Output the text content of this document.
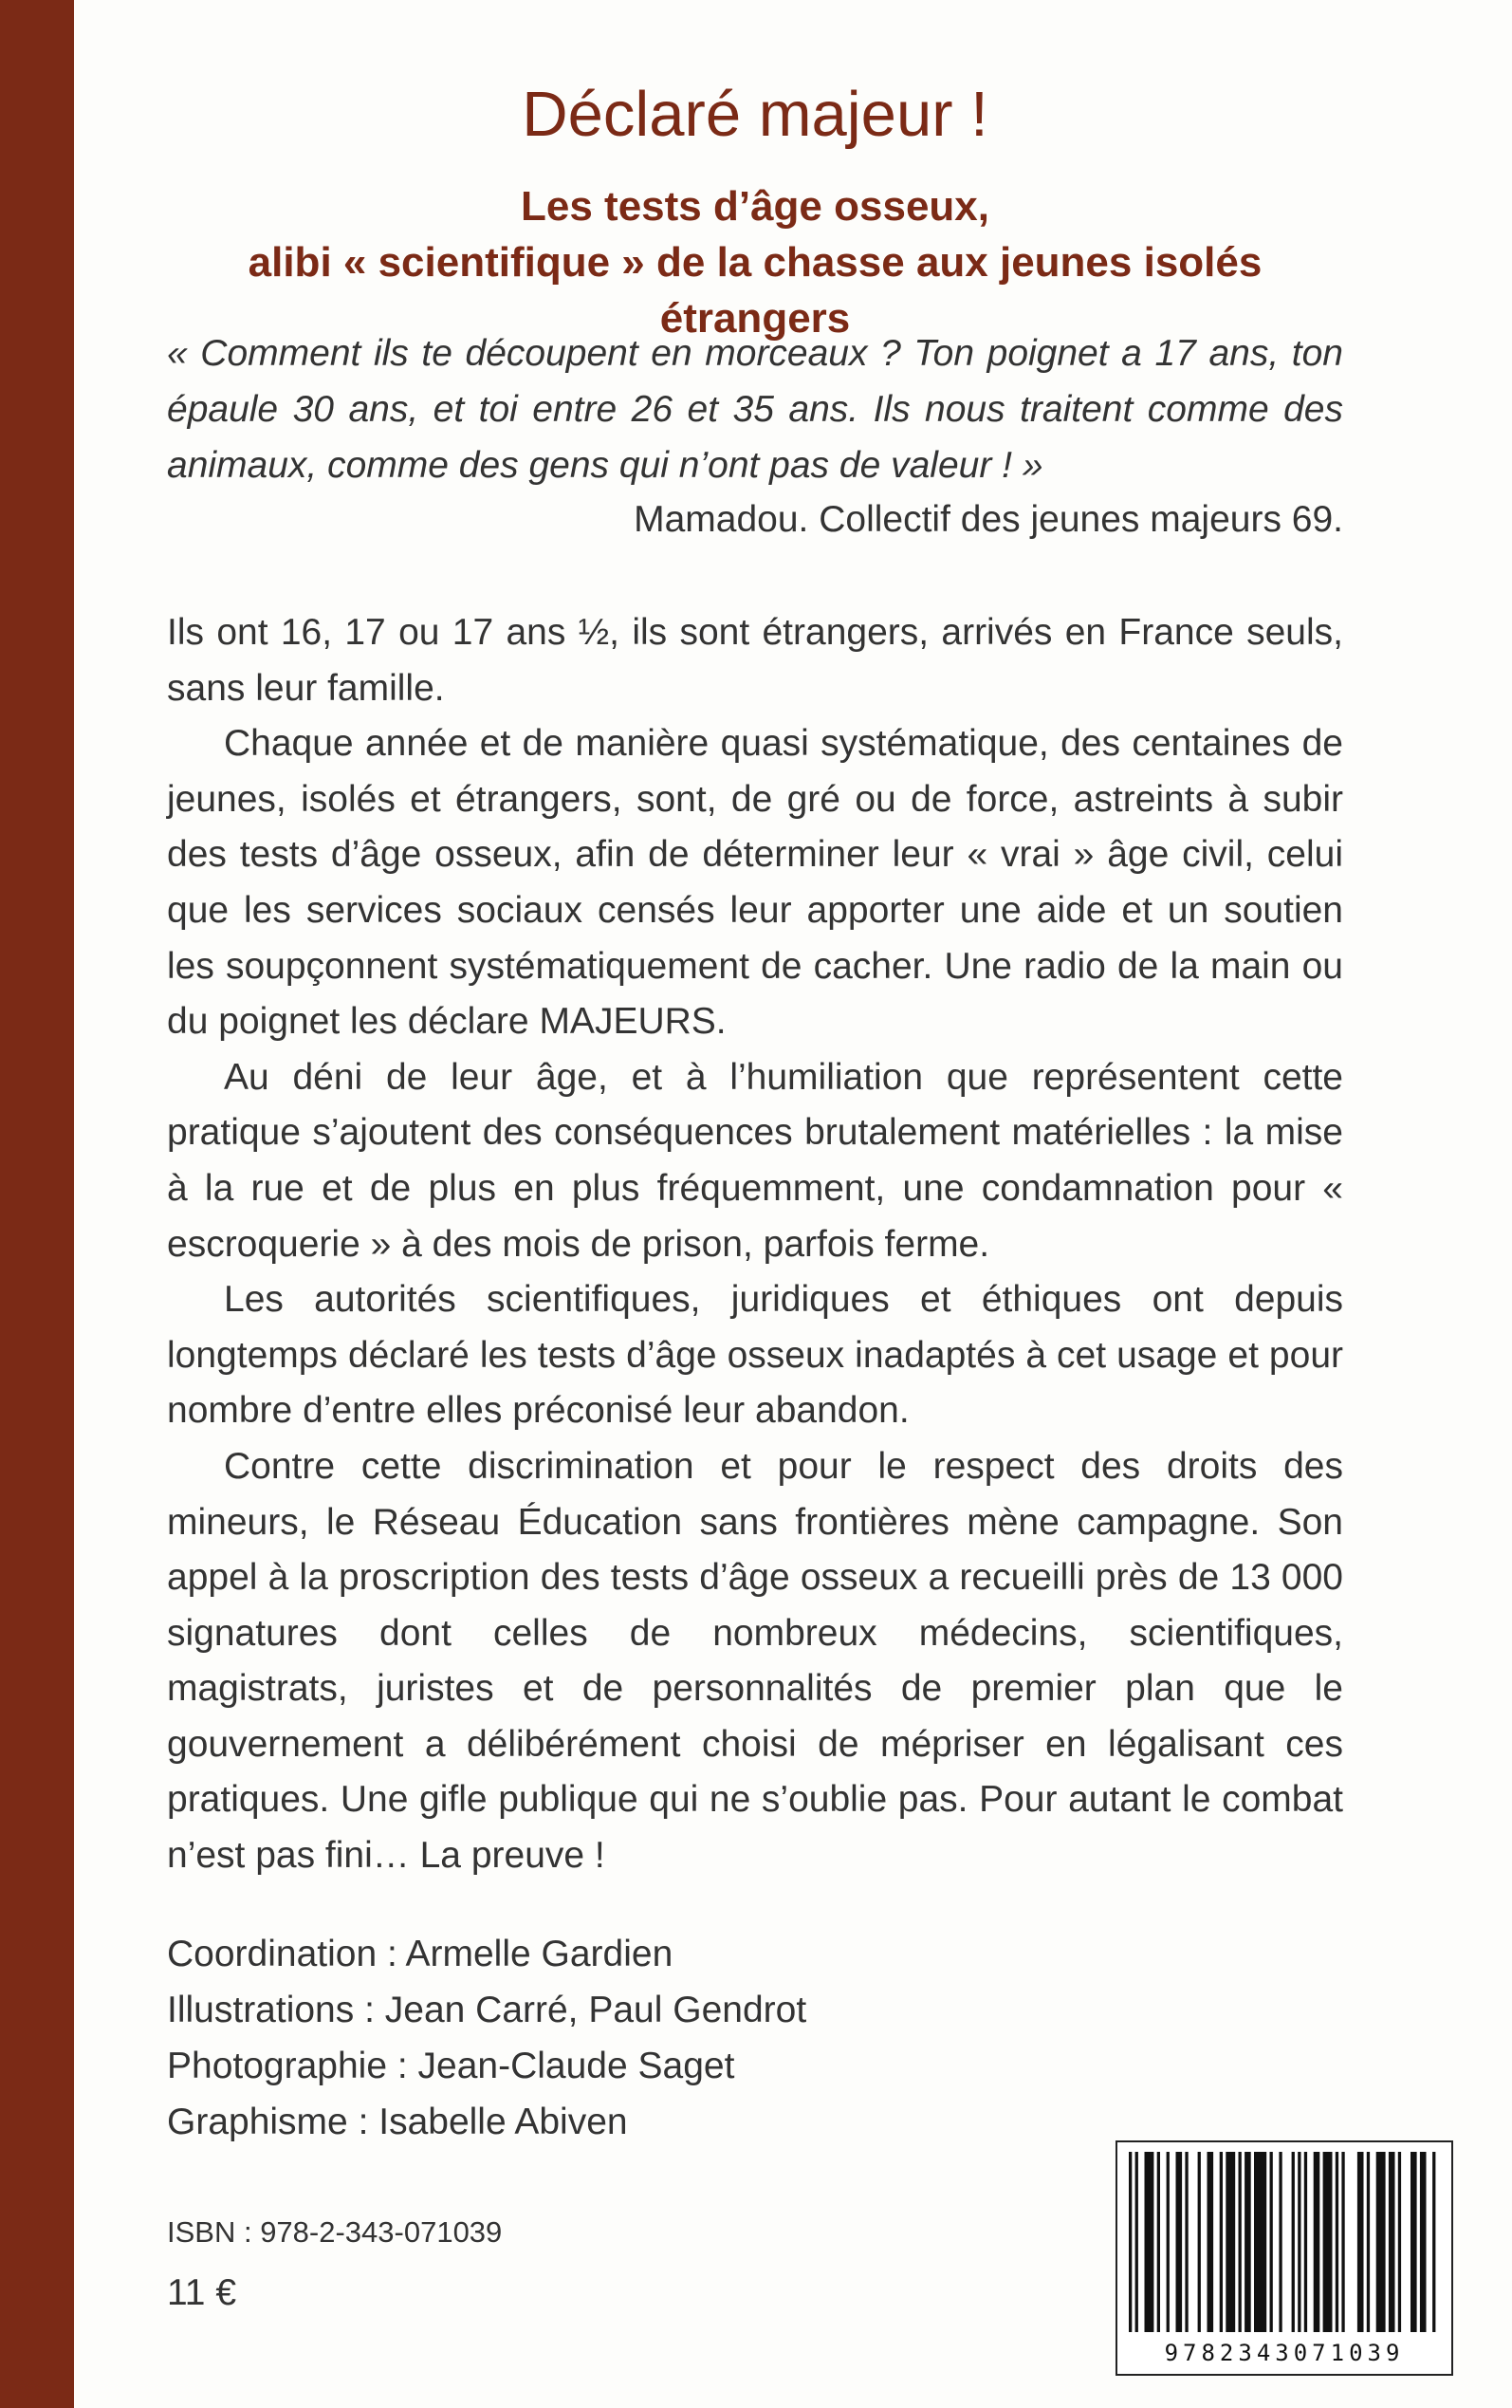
Déclaré majeur !
Les tests d’âge osseux,
alibi « scientifique » de la chasse aux jeunes isolés étrangers

« Comment ils te découpent en morceaux ? Ton poignet a 17 ans, ton épaule 30 ans, et toi entre 26 et 35 ans. Ils nous traitent comme des animaux, comme des gens qui n’ont pas de valeur ! »

Mamadou. Collectif des jeunes majeurs 69.

Ils ont 16, 17 ou 17 ans ½, ils sont étrangers, arrivés en France seuls, sans leur famille.

Chaque année et de manière quasi systématique, des centaines de jeunes, isolés et étrangers, sont, de gré ou de force, astreints à subir des tests d’âge osseux, afin de déterminer leur « vrai » âge civil, celui que les services sociaux censés leur apporter une aide et un soutien les soupçonnent systématiquement de cacher. Une radio de la main ou du poignet les déclare MAJEURS.

Au déni de leur âge, et à l’humiliation que représentent cette pratique s’ajoutent des conséquences brutalement matérielles : la mise à la rue et de plus en plus fréquemment, une condamnation pour « escroquerie » à des mois de prison, parfois ferme.

Les autorités scientifiques, juridiques et éthiques ont depuis longtemps déclaré les tests d’âge osseux inadaptés à cet usage et pour nombre d’entre elles préconisé leur abandon.

Contre cette discrimination et pour le respect des droits des mineurs, le Réseau Éducation sans frontières mène campagne. Son appel à la proscription des tests d’âge osseux a recueilli près de 13 000 signatures dont celles de nombreux médecins, scientifiques, magistrats, juristes et de personnalités de premier plan que le gouvernement a délibérément choisi de mépriser en légalisant ces pratiques. Une gifle publique qui ne s’oublie pas. Pour autant le combat n’est pas fini… La preuve !

Coordination : Armelle Gardien
Illustrations : Jean Carré, Paul Gendrot
Photographie : Jean-Claude Saget
Graphisme : Isabelle Abiven
ISBN : 978-2-343-071039
11 €
9782343071039
